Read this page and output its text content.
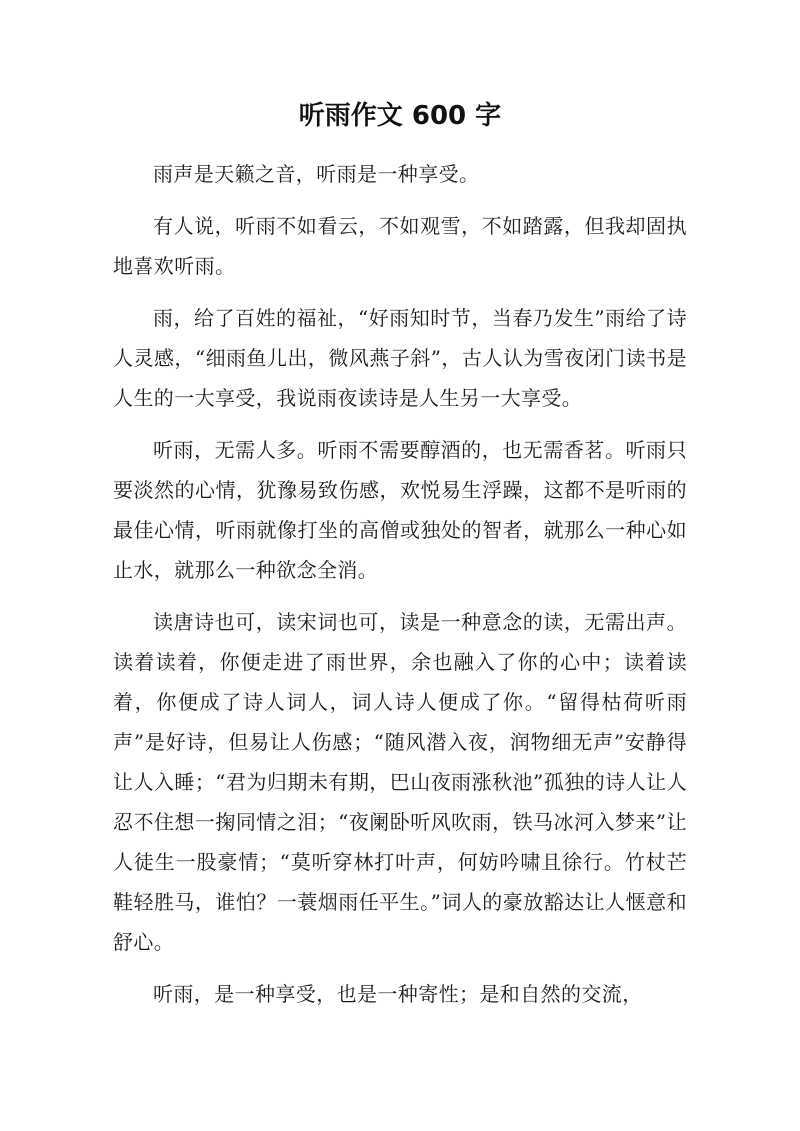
听雨作文 600 字

雨声是天籁之音，听雨是一种享受。

有人说，听雨不如看云，不如观雪，不如踏露，但我却固执地喜欢听雨。

雨，给了百姓的福祉，“好雨知时节，当春乃发生”雨给了诗人灵感，“细雨鱼儿出，微风燕子斜”，古人认为雪夜闭门读书是人生的一大享受，我说雨夜读诗是人生另一大享受。

听雨，无需人多。听雨不需要醇酒的，也无需香茗。听雨只要淡然的心情，犹豫易致伤感，欢悦易生浮躁，这都不是听雨的最佳心情，听雨就像打坐的高僧或独处的智者，就那么一种心如止水，就那么一种欲念全消。

读唐诗也可，读宋词也可，读是一种意念的读，无需出声。读着读着，你便走进了雨世界，余也融入了你的心中；读着读着，你便成了诗人词人，词人诗人便成了你。“留得枯荷听雨声”是好诗，但易让人伤感；“随风潜入夜，润物细无声”安静得让人入睡；“君为归期未有期，巴山夜雨涨秋池”孤独的诗人让人忍不住想一掬同情之泪；“夜阑卧听风吹雨，铁马冰河入梦来”让人徒生一股豪情；“莫听穿林打叶声，何妨吟啸且徐行。竹杖芒鞋轻胜马，谁怕？一蓑烟雨任平生。”词人的豪放豁达让人惬意和舒心。

听雨，是一种享受，也是一种寄性；是和自然的交流，
